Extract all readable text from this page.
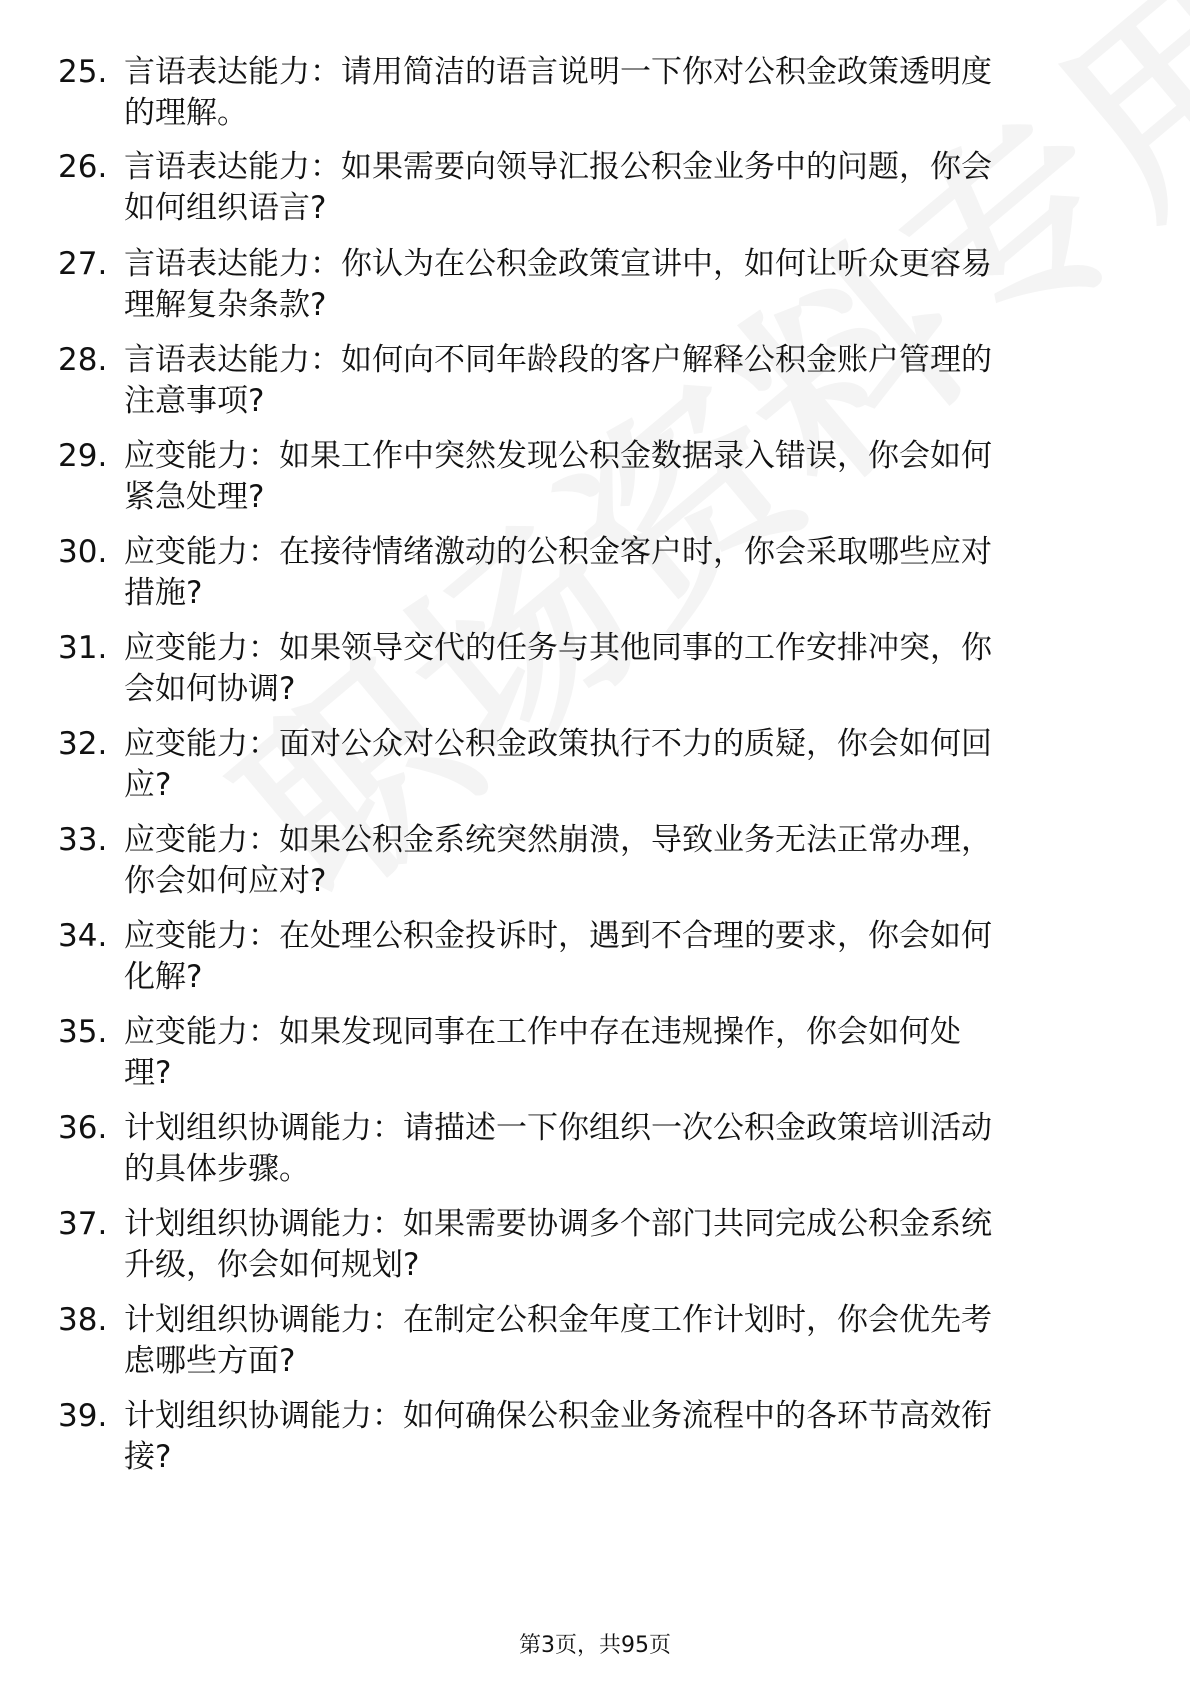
25. 言语表达能力：请用简洁的语言说明一下你对公积金政策透明度
的理解。
26. 言语表达能力：如果需要向领导汇报公积金业务中的问题，你会
如何组织语言?
27. 言语表达能力：你认为在公积金政策宣讲中，如何让听众更容易
理解复杂条款?
28. 言语表达能力：如何向不同年龄段的客户解释公积金账户管理的
注意事项?
29. 应变能力：如果工作中突然发现公积金数据录入错误，你会如何
紧急处理?
30. 应变能力：在接待情绪激动的公积金客户时，你会采取哪些应对
措施?
31. 应变能力：如果领导交代的任务与其他同事的工作安排冲突，你
会如何协调?
32. 应变能力：面对公众对公积金政策执行不力的质疑，你会如何回
应?
33. 应变能力：如果公积金系统突然崩溃，导致业务无法正常办理，
你会如何应对?
34. 应变能力：在处理公积金投诉时，遇到不合理的要求，你会如何
化解?
35. 应变能力：如果发现同事在工作中存在违规操作，你会如何处
理?
36. 计划组织协调能力：请描述一下你组织一次公积金政策培训活动
的具体步骤。
37. 计划组织协调能力：如果需要协调多个部门共同完成公积金系统
升级，你会如何规划?
38. 计划组织协调能力：在制定公积金年度工作计划时，你会优先考
虑哪些方面?
39. 计划组织协调能力：如何确保公积金业务流程中的各环节高效衔
接?
第3页，共95页
